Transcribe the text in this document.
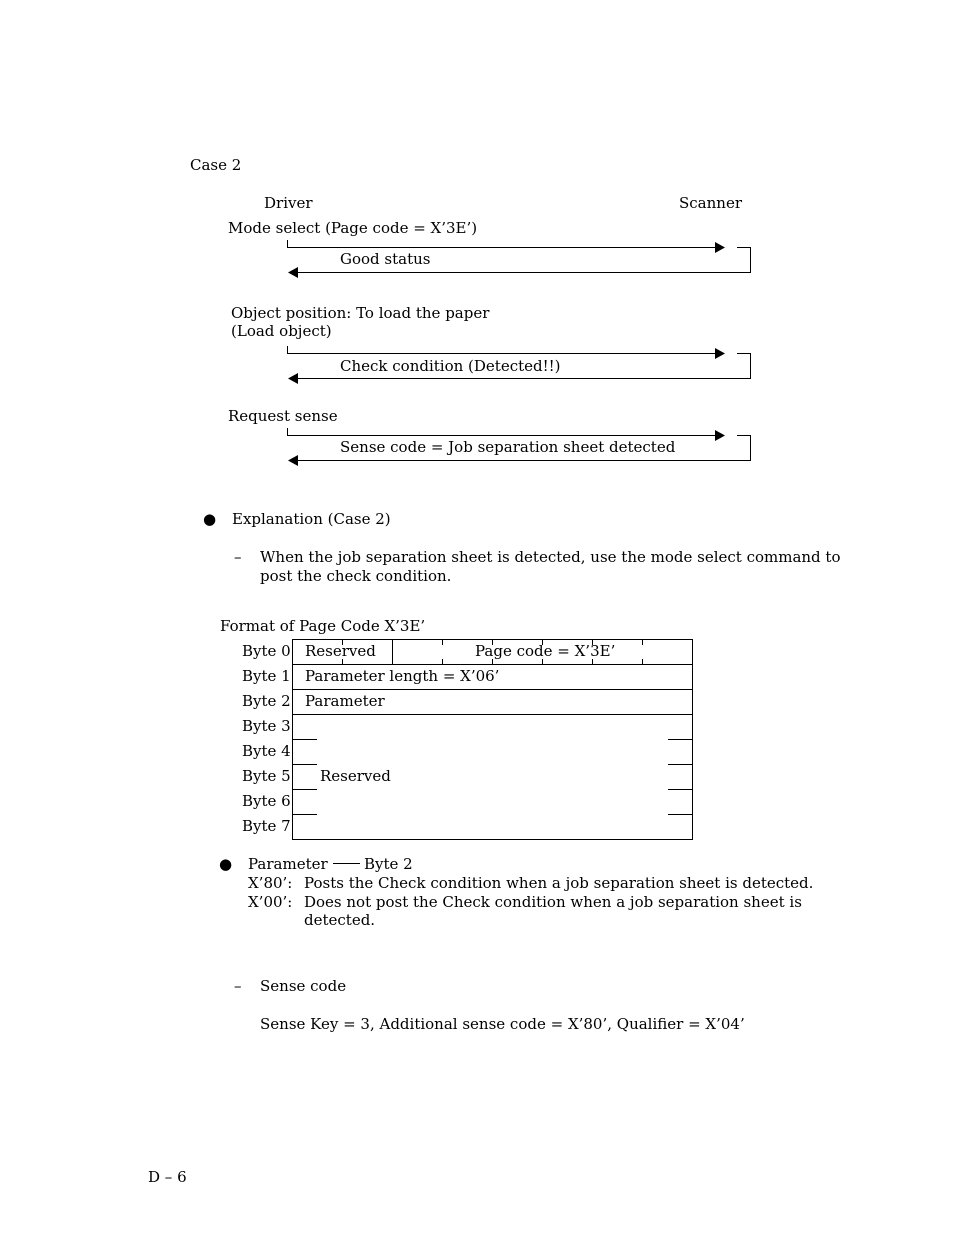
Case 2
Driver	Scanner
Mode select (Page code = X’3E’)
Good status
Object position: To load the paper
(Load object)
Check condition (Detected!!)
Request sense
Sense code = Job separation sheet detected
● Explanation (Case 2)
– When the job separation sheet is detected, use the mode select command to
post the check condition.
Format of Page Code X’3E’
Byte 0
Byte 1
Byte 2
Byte 3
Byte 4
Byte 5
Byte 6
Byte 7
Reserved	Page code = X’3E’
Parameter length = X’06’
Parameter
Reserved
● Parameter Byte 2
X’80’: Posts the Check condition when a job separation sheet is detected.
X’00’: Does not post the Check condition when a job separation sheet is
detected.
– Sense code
Sense Key = 3, Additional sense code = X’80’, Qualifier = X’04’
D – 6
